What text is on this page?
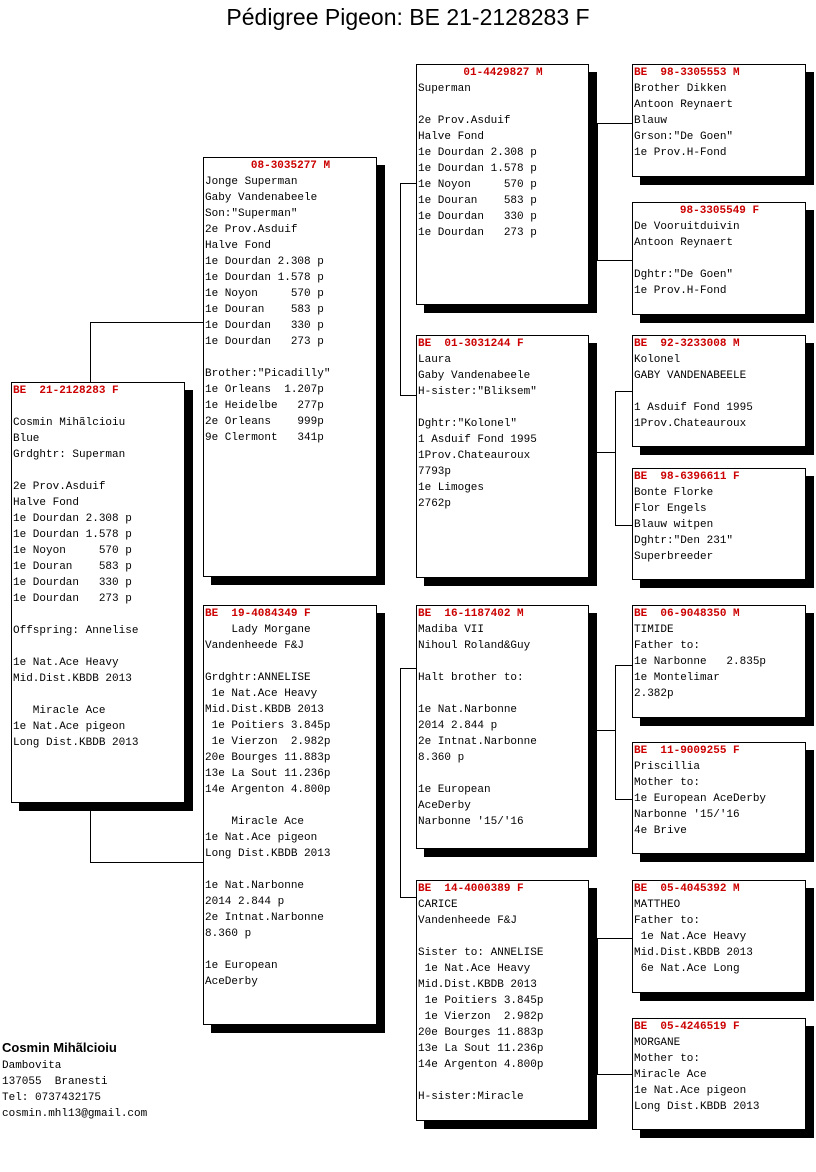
Pédigree Pigeon: BE 21-2128283 F
BE  21-2128283 F
Cosmin Mihãlcioiu
Blue
Grdghtr: Superman
2e Prov.Asduif
Halve Fond
1e Dourdan 2.308 p
1e Dourdan 1.578 p
1e Noyon     570 p
1e Douran    583 p
1e Dourdan   330 p
1e Dourdan   273 p
Offspring: Annelise
1e Nat.Ace Heavy
Mid.Dist.KBDB 2013
Miracle Ace
1e Nat.Ace pigeon
Long Dist.KBDB 2013
08-3035277 M
Jonge Superman
Gaby Vandenabeele
Son:"Superman"
2e Prov.Asduif
Halve Fond
1e Dourdan 2.308 p
1e Dourdan 1.578 p
1e Noyon     570 p
1e Douran    583 p
1e Dourdan   330 p
1e Dourdan   273 p
Brother:"Picadilly"
1e Orleans  1.207p
1e Heidelbe   277p
2e Orleans    999p
9e Clermont   341p
BE  19-4084349 F
Lady Morgane
Vandenheede F&J
Grdghtr:ANNELISE
1e Nat.Ace Heavy
Mid.Dist.KBDB 2013
1e Poitiers 3.845p
1e Vierzon  2.982p
20e Bourges 11.883p
13e La Sout 11.236p
14e Argenton 4.800p
Miracle Ace
1e Nat.Ace pigeon
Long Dist.KBDB 2013
1e Nat.Narbonne
2014 2.844 p
2e Intnat.Narbonne
8.360 p
1e European
AceDerby
01-4429827 M
Superman
2e Prov.Asduif
Halve Fond
1e Dourdan 2.308 p
1e Dourdan 1.578 p
1e Noyon     570 p
1e Douran    583 p
1e Dourdan   330 p
1e Dourdan   273 p
BE  01-3031244 F
Laura
Gaby Vandenabeele
H-sister:"Bliksem"
Dghtr:"Kolonel"
1 Asduif Fond 1995
1Prov.Chateauroux
7793p
1e Limoges
2762p
BE  16-1187402 M
Madiba VII
Nihoul Roland&Guy
Halt brother to:
1e Nat.Narbonne
2014 2.844 p
2e Intnat.Narbonne
8.360 p
1e European
AceDerby
Narbonne '15/'16
BE  14-4000389 F
CARICE
Vandenheede F&J
Sister to: ANNELISE
1e Nat.Ace Heavy
Mid.Dist.KBDB 2013
1e Poitiers 3.845p
1e Vierzon  2.982p
20e Bourges 11.883p
13e La Sout 11.236p
14e Argenton 4.800p
H-sister:Miracle
BE  98-3305553 M
Brother Dikken
Antoon Reynaert
Blauw
Grson:"De Goen"
1e Prov.H-Fond
98-3305549 F
De Vooruitduivin
Antoon Reynaert
Dghtr:"De Goen"
1e Prov.H-Fond
BE  92-3233008 M
Kolonel
GABY VANDENABEELE
1 Asduif Fond 1995
1Prov.Chateauroux
BE  98-6396611 F
Bonte Florke
Flor Engels
Blauw witpen
Dghtr:"Den 231"
Superbreeder
BE  06-9048350 M
TIMIDE
Father to:
1e Narbonne   2.835p
1e Montelimar
2.382p
BE  11-9009255 F
Priscillia
Mother to:
1e European AceDerby
Narbonne '15/'16
4e Brive
BE  05-4045392 M
MATTHEO
Father to:
1e Nat.Ace Heavy
Mid.Dist.KBDB 2013
6e Nat.Ace Long
BE  05-4246519 F
MORGANE
Mother to:
Miracle Ace
1e Nat.Ace pigeon
Long Dist.KBDB 2013
Cosmin Mihãlcioiu
Dambovita
137055  Branesti
Tel: 0737432175
cosmin.mhl13@gmail.com
